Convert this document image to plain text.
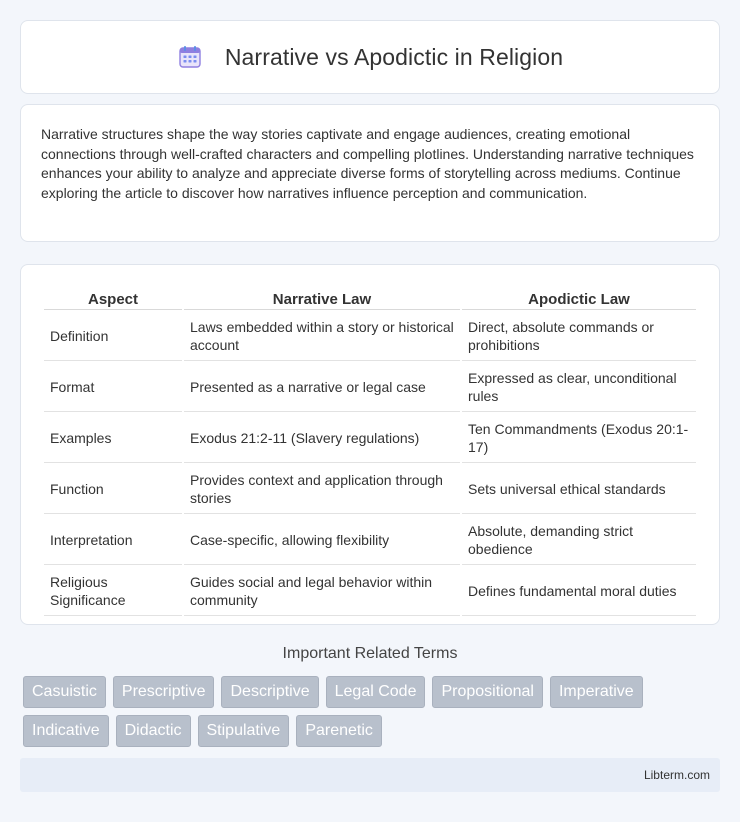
Narrative vs Apodictic in Religion

Narrative structures shape the way stories captivate and engage audiences, creating emotional connections through well-crafted characters and compelling plotlines. Understanding narrative techniques enhances your ability to analyze and appreciate diverse forms of storytelling across mediums. Continue exploring the article to discover how narratives influence perception and communication.

Aspect	Narrative Law	Apodictic Law
Definition	Laws embedded within a story or historical account	Direct, absolute commands or prohibitions
Format	Presented as a narrative or legal case	Expressed as clear, unconditional rules
Examples	Exodus 21:2-11 (Slavery regulations)	Ten Commandments (Exodus 20:1-17)
Function	Provides context and application through stories	Sets universal ethical standards
Interpretation	Case-specific, allowing flexibility	Absolute, demanding strict obedience
Religious Significance	Guides social and legal behavior within community	Defines fundamental moral duties
Important Related Terms
Casuistic	Prescriptive	Descriptive	Legal Code	Propositional	Imperative
Indicative	Didactic	Stipulative	Parenetic
Libterm.com
